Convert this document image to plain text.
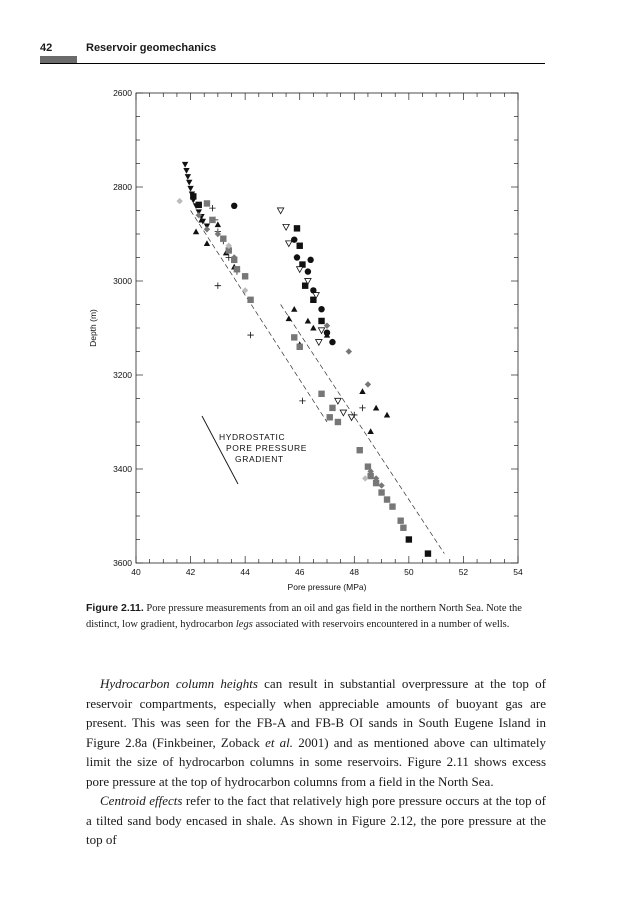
42	Reservoir geomechanics
40	42	44	46	48	50	52	54
2600
2800
3000
3200
3400
3600
Pore pressure (MPa)
Depth (m)
HYDROSTATIC
PORE PRESSURE
GRADIENT
Figure 2.11. Pore pressure measurements from an oil and gas field in the northern North Sea. Note the distinct, low gradient, hydrocarbon legs associated with reservoirs encountered in a number of wells.

Hydrocarbon column heights can result in substantial overpressure at the top of reservoir compartments, especially when appreciable amounts of buoyant gas are present. This was seen for the FB-A and FB-B OI sands in South Eugene Island in Figure 2.8a (Finkbeiner, Zoback et al. 2001) and as mentioned above can ultimately limit the size of hydrocarbon columns in some reservoirs. Figure 2.11 shows excess pore pressure at the top of hydrocarbon columns from a field in the North Sea.

Centroid effects refer to the fact that relatively high pore pressure occurs at the top of a tilted sand body encased in shale. As shown in Figure 2.12, the pore pressure at the top of
